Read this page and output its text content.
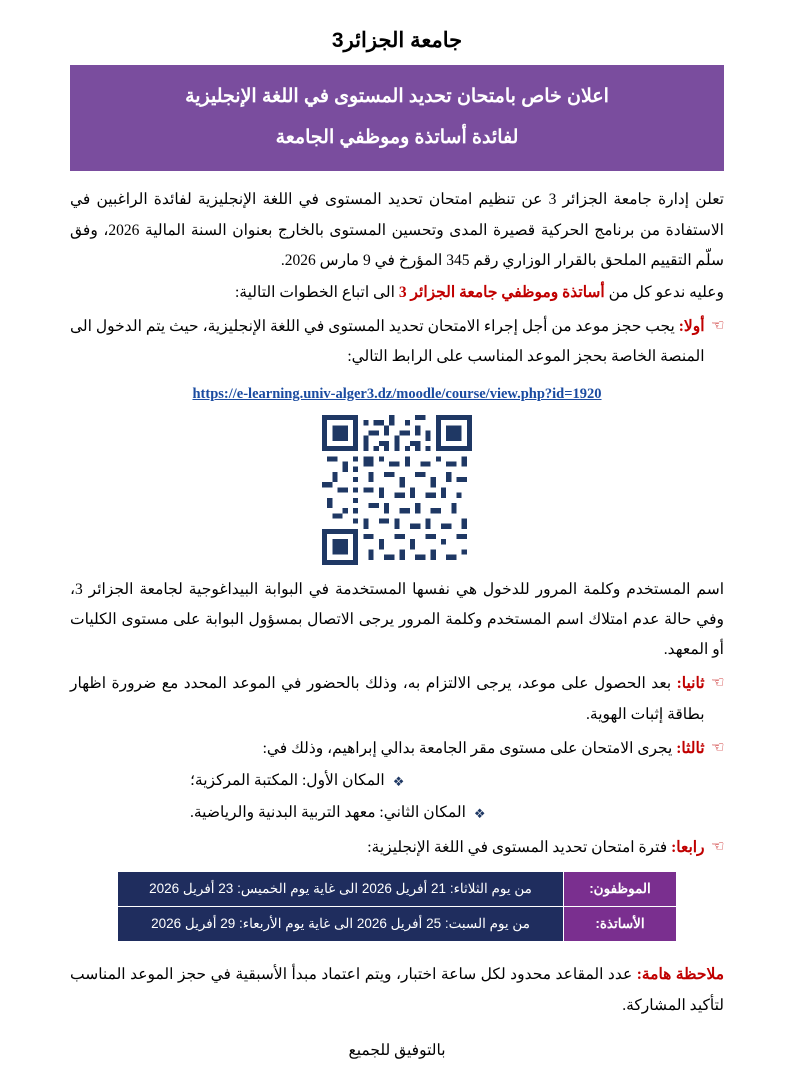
جامعة الجزائر3
اعلان خاص بامتحان تحديد المستوى في اللغة الإنجليزية
لفائدة أساتذة وموظفي الجامعة

تعلن إدارة جامعة الجزائر 3 عن تنظيم امتحان تحديد المستوى في اللغة الإنجليزية لفائدة الراغبين في الاستفادة من برنامج الحركية قصيرة المدى وتحسين المستوى بالخارج بعنوان السنة المالية 2026، وفق سلّم التقييم الملحق بالقرار الوزاري رقم 345 المؤرخ في 9 مارس 2026.

وعليه ندعو كل من أساتذة وموظفي جامعة الجزائر 3 الى اتباع الخطوات التالية:

☞
أولا: يجب حجز موعد من أجل إجراء الامتحان تحديد المستوى في اللغة الإنجليزية، حيث يتم الدخول الى المنصة الخاصة بحجز الموعد المناسب على الرابط التالي:
https://e-learning.univ-alger3.dz/moodle/course/view.php?id=1920

اسم المستخدم وكلمة المرور للدخول هي نفسها المستخدمة في البوابة البيداغوجية لجامعة الجزائر 3، وفي حالة عدم امتلاك اسم المستخدم وكلمة المرور يرجى الاتصال بمسؤول البوابة على مستوى الكليات أو المعهد.

☞
ثانيا: بعد الحصول على موعد، يرجى الالتزام به، وذلك بالحضور في الموعد المحدد مع ضرورة اظهار بطاقة إثبات الهوية.
☞
ثالثا: يجرى الامتحان على مستوى مقر الجامعة بدالي إبراهيم، وذلك في:
❖
المكان الأول: المكتبة المركزية؛
❖
المكان الثاني: معهد التربية البدنية والرياضية.
☞
رابعا: فترة امتحان تحديد المستوى في اللغة الإنجليزية:
الموظفون:	من يوم الثلاثاء: 21 أفريل 2026 الى غاية يوم الخميس: 23 أفريل 2026
الأساتذة:	من يوم السبت: 25 أفريل 2026 الى غاية يوم الأربعاء: 29 أفريل 2026

ملاحظة هامة: عدد المقاعد محدود لكل ساعة اختبار، ويتم اعتماد مبدأ الأسبقية في حجز الموعد المناسب لتأكيد المشاركة.

بالتوفيق للجميع
